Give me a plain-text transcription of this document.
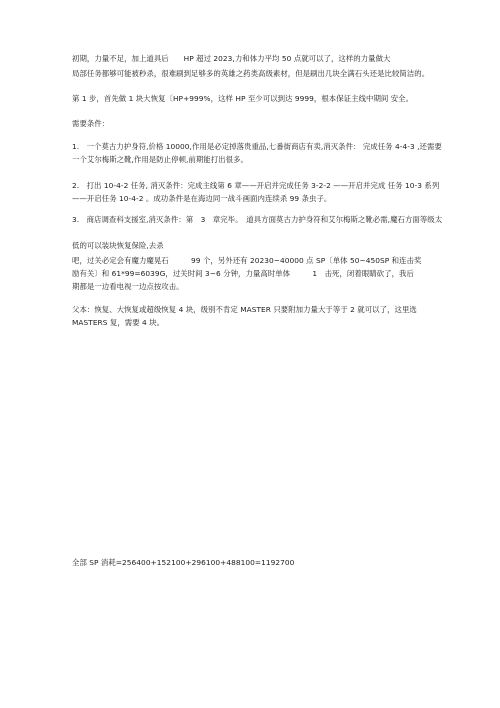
初期，力量不足，加上道具后　　HP 超过 2023,力和体力平均 50 点就可以了，这样的力量做大
局部任务都够可能被秒杀，很难刷到足够多的英雄之药类高级素材，但是刷出几块全满石头还是比较简洁的。
第 1 步，首先做 1 块大恢复〔HP+999%，这样 HP 至少可以到达 9999，根本保证主线中期间 安全。
需要条件：
1.　一个莫古力护身符,价格 10000,作用是必定掉落贵重品,七番街商店有卖,消灭条件： 完成任务 4-4-3 ,还需要
一个艾尔梅斯之靴,作用是防止停顿,前期能打出很多。
2.　打出 10-4-2 任务, 消灭条件：完成主线第 6 章——开启并完成任务 3-2-2 ——开启并完成 任务 10-3 系列
——开启任务 10-4-2 。成功条件是在海边同一战斗画面内连续杀 99 条虫子。
3.　商店调查科支援室,消灭条件：第　3　章完毕。　道具方面莫古力护身符和艾尔梅斯之靴必需,魔石方面等级太
低的可以装块恢复保险,去杀
吧，过关必定会有魔力魔晃石　　　99 个，另外还有 20230~40000 点 SP〔单体 50~450SP 和连击奖
励有关〕和 61*99=6039G，过关时间 3~6 分钟，力量高时单体　　　1　击死，闭着眼睛砍了，我后
期都是一边看电视一边点按攻击。
父本：恢复、大恢复或超级恢复 4 块，级别不肯定 MASTER 只要附加力量大于等于 2 就可以了，这里选
MASTERS 复，需要 4 块。
全部 SP 消耗=256400+152100+296100+488100=1192700
